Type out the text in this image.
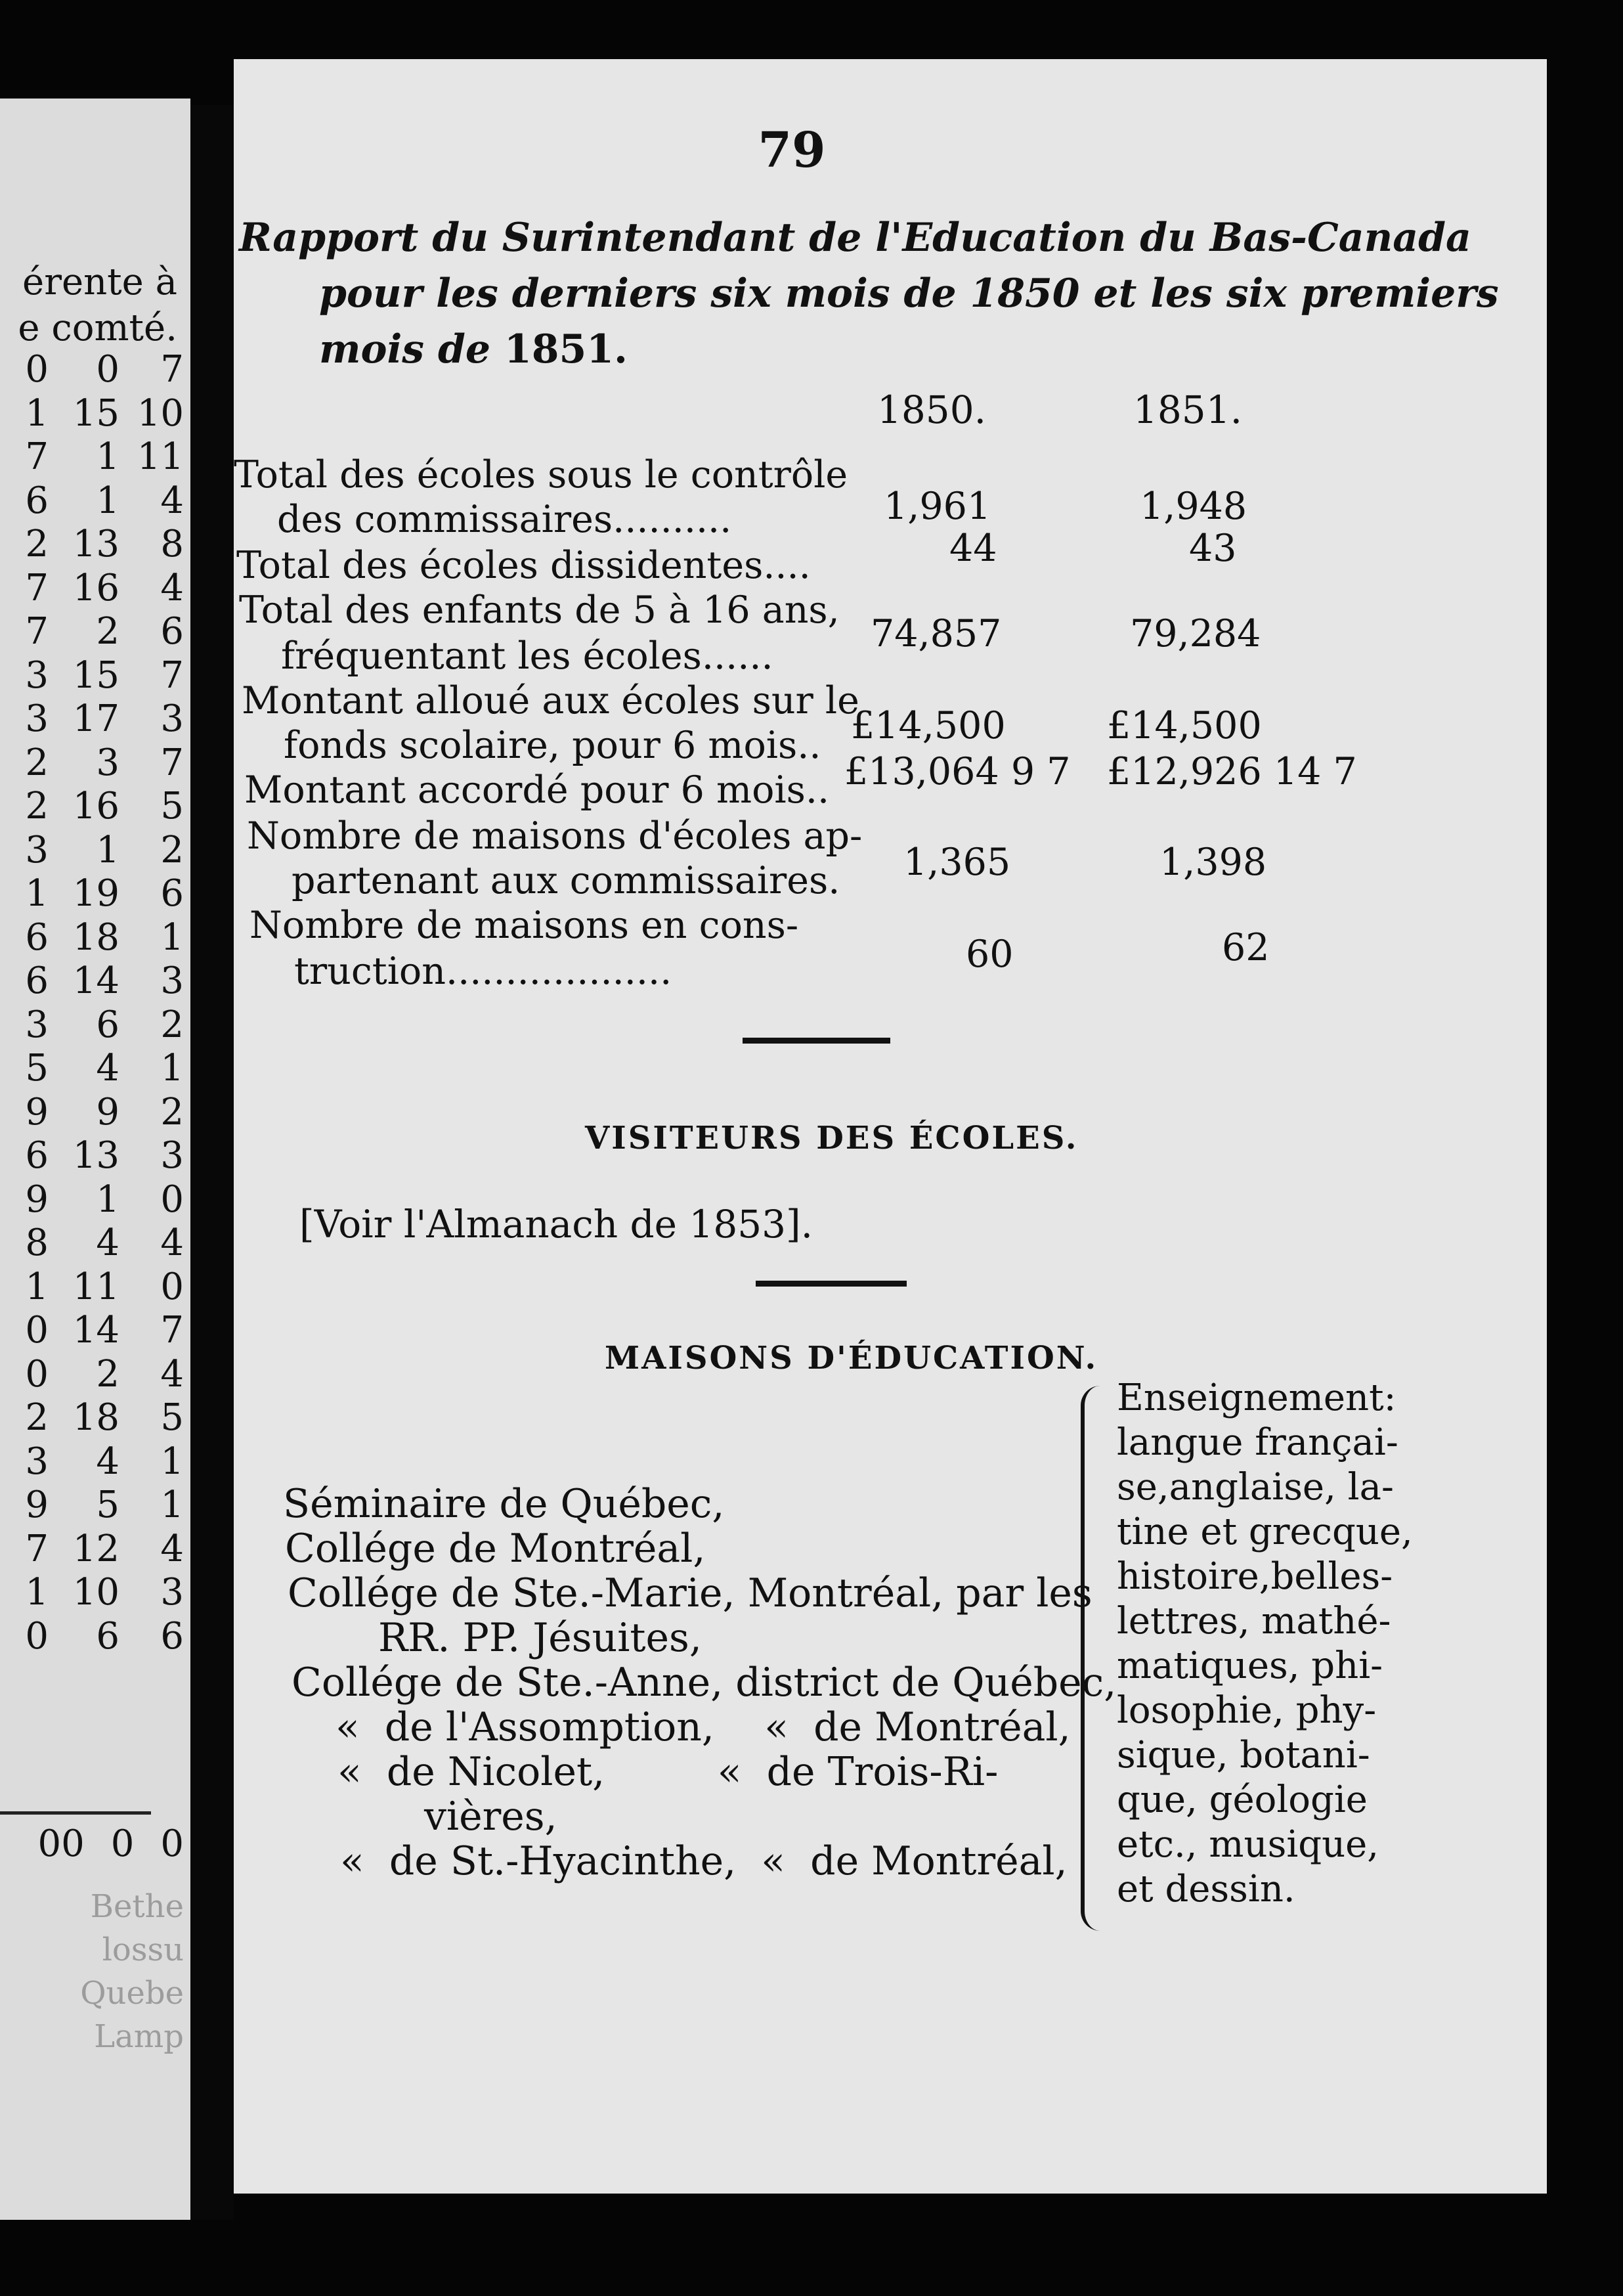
érente à
e comté.
0	0	7
1 15 10
7	1 11
6	1	4
2 13	8
7 16	4
7	2	6
3 15	7
3 17	3
2	3	7
2 16	5
3	1	2
1 19	6
6 18	1
6 14	3
3	6	2
5	4	1
9	9	2
6 13	3
9	1	0
8	4	4
1 11	0
0 14	7
0	2	4
2 18	5
3	4	1
9	5	1
7 12	4
1 10	3
0	6	6
00 0 0
Bethe
lossu
Quebe
Lamp
79
Rapport du Surintendant de l'Education du Bas-Canada
pour les derniers six mois de 1850 et les six premiers
mois de 1851.
1850.	1851.
Total des écoles sous le contrôle
des commissaires..........	1,961	1,948
Total des écoles dissidentes....	44	43
Total des enfants de 5 à 16 ans,
fréquentant les écoles......
74,857	79,284
Montant alloué aux écoles sur le
fonds scolaire, pour 6 mois.. £14,500	£14,500
Montant accordé pour 6 mois.. £13,064 9 7 £12,926 14 7
Nombre de maisons d'écoles ap-
partenant aux commissaires. 1,365	1,398
Nombre de maisons en cons-
truction...................	60	62
VISITEURS DES ÉCOLES.
[Voir l'Almanach de 1853].
MAISONS D'ÉDUCATION.
Séminaire de Québec,
Collége de Montréal,
Collége de Ste.-Marie, Montréal, par les
RR. PP. Jésuites,
Collége de Ste.-Anne, district de Québec,
«  de l'Assomption,    «  de Montréal,
«  de Nicolet,         «  de Trois-Ri-
vières,
«  de St.-Hyacinthe,  «  de Montréal,
Enseignement:
langue françai-
se,anglaise, la-
tine et grecque,
histoire,belles-
lettres, mathé-
matiques, phi-
losophie, phy-
sique, botani-
que, géologie
etc., musique,
et dessin.
